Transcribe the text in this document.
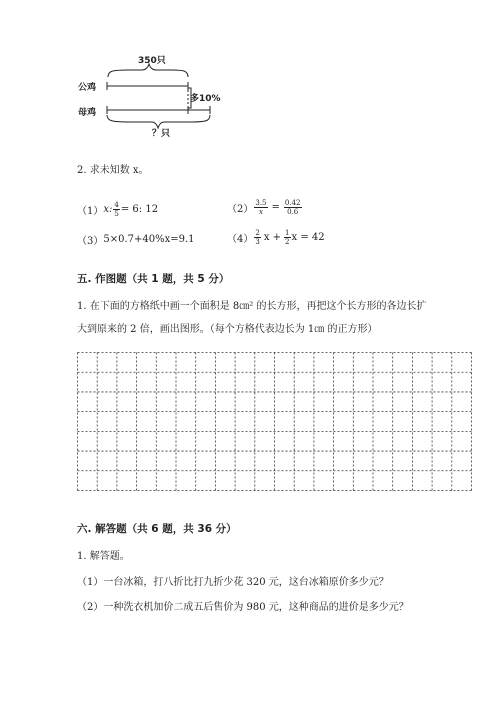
350只
公鸡
母鸡
多10%
？只
2. 求未知数 x。
（1） x: $\frac{4}{5} = 6$: 12	$(2) \frac{3.5}{x} = \frac{0.42}{0.6}$
（3） 5×0.7+40%x=9.1	$(4) \frac{2}{3}$ $x + \frac{1}{2}$ x = 42
五. 作图题（共 1 题，共 5 分）
1. 在下面的方格纸中画一个面积是 8㎝² 的长方形，再把这个长方形的各边长扩
大到原来的 2 倍，画出图形。（每个方格代表边长为 1㎝ 的正方形）
六. 解答题（共 6 题，共 36 分）
1. 解答题。
（1）一台冰箱，打八折比打九折少花 320 元，这台冰箱原价多少元？
（2）一种洗衣机加价二成五后售价为 980 元，这种商品的进价是多少元？
